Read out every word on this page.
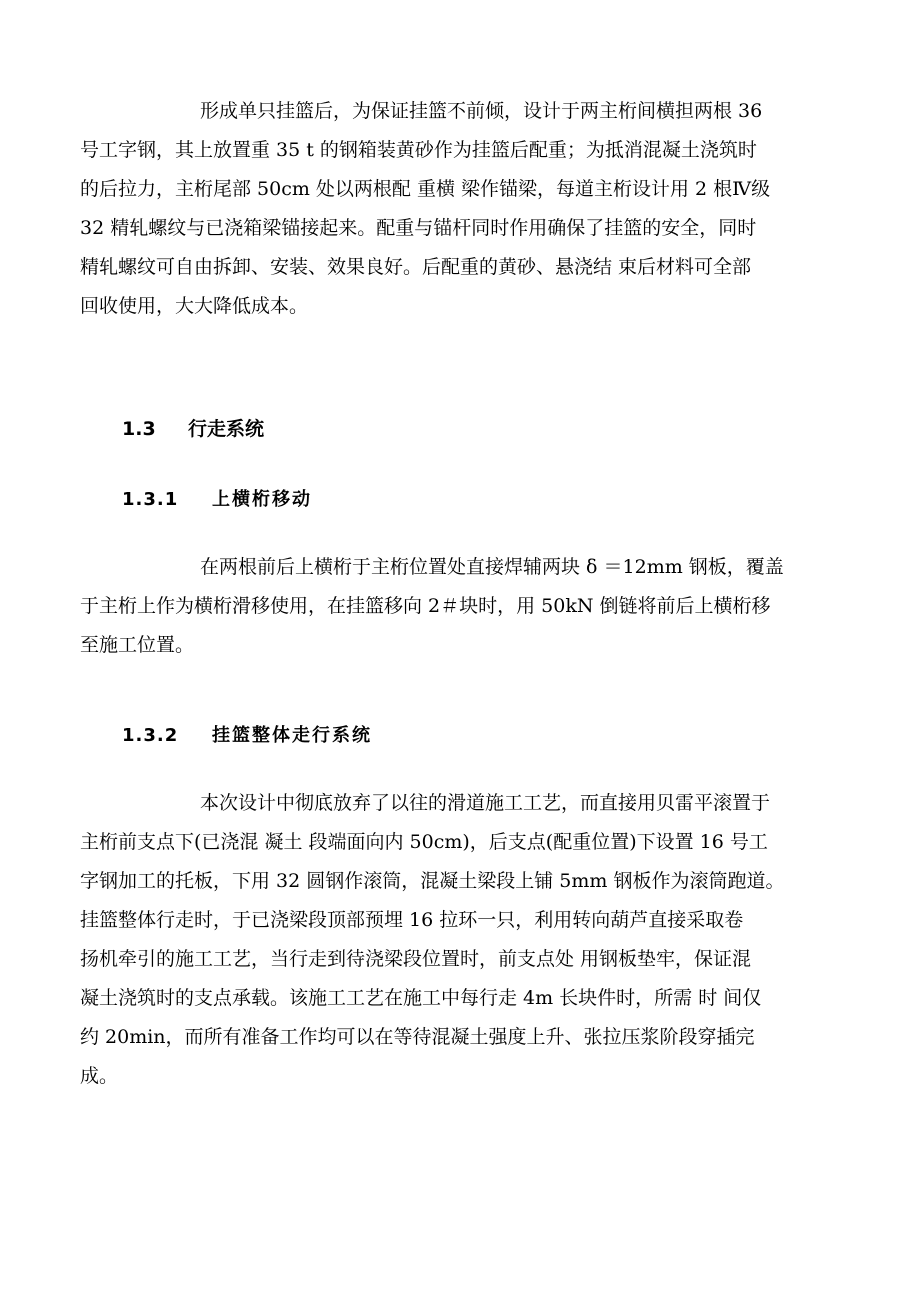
形成单只挂篮后，为保证挂篮不前倾，设计于两主桁间横担两根 36
号工字钢，其上放置重 35 t 的钢箱装黄砂作为挂篮后配重；为抵消混凝土浇筑时
的后拉力，主桁尾部 50cm 处以两根配 重横 梁作锚梁，每道主桁设计用 2 根Ⅳ级
32 精轧螺纹与已浇箱梁锚接起来。配重与锚杆同时作用确保了挂篮的安全，同时
精轧螺纹可自由拆卸、安装、效果良好。后配重的黄砂、悬浇结 束后材料可全部
回收使用，大大降低成本。

1.3 行走系统
1.3.1 上横桁移动

在两根前后上横桁于主桁位置处直接焊辅两块 δ ＝12mm 钢板，覆盖
于主桁上作为横桁滑移使用，在挂篮移向 2＃块时，用 50kN 倒链将前后上横桁移
至施工位置。

1.3.2 挂篮整体走行系统

本次设计中彻底放弃了以往的滑道施工工艺，而直接用贝雷平滚置于
主桁前支点下(已浇混 凝土 段端面向内 50cm)，后支点(配重位置)下设置 16 号工
字钢加工的托板，下用 32 圆钢作滚筒，混凝土梁段上铺 5mm 钢板作为滚筒跑道。
挂篮整体行走时，于已浇梁段顶部预埋 16 拉环一只，利用转向葫芦直接采取卷
扬机牵引的施工工艺，当行走到待浇梁段位置时，前支点处 用钢板垫牢，保证混
凝土浇筑时的支点承载。该施工工艺在施工中每行走 4m 长块件时，所需 时 间仅
约 20min，而所有准备工作均可以在等待混凝土强度上升、张拉压浆阶段穿插完
成。
